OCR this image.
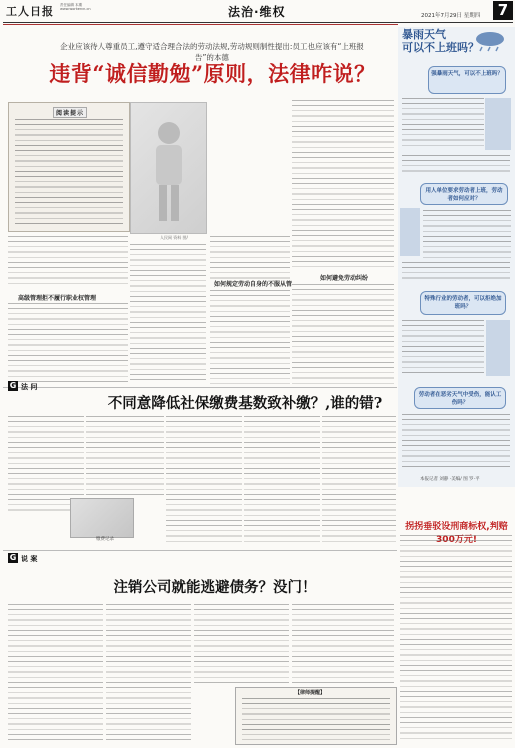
工人日报	责任编辑 本期 www.workercn.cn	法治·维权	2021年7月29日 星期四	7
企业应该待人尊重员工,遵守适合理合法的劳动法规,劳动规则制性提出:员工也应该有“上班报告”的本德
违背“诚信勤勉”原则，法律咋说？
阅读提示
人民网 资料 图/
高级管理拒不履行职业权管理
如何规定劳动自身的不服从管
如何避免劳动纠纷
暴雨天气
可以不上班吗？
强暴雨天气，可以不上班吗？
用人单位要求劳动者上班，劳动者如何应对？
特殊行业的劳动者，可以拒绝加班吗？
劳动者在恶劣天气中受伤，能认工伤吗？
本报记者 刘静 ·美编/ 图 罗·平
拐拐垂驳设刑商标权,判赔300万元!
G 法 问
不同意降低社保缴费基数致补缴？,谁的错?
缴费记录
G 说 案
注销公司就能逃避债务？没门！
【律师提醒】
